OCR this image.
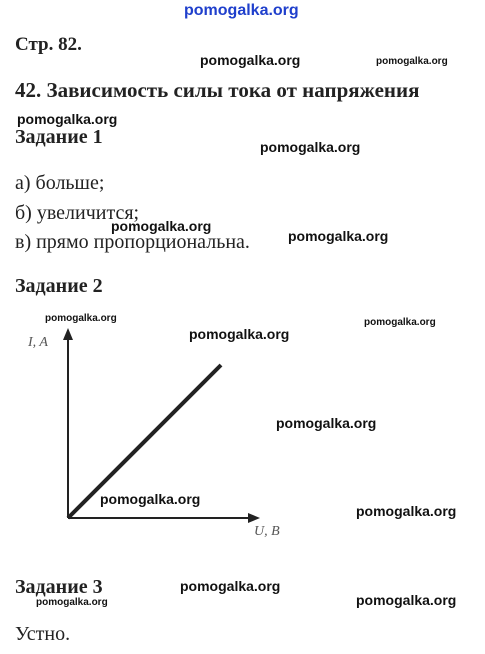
pomogalka.org
Стр. 82.
42. Зависимость силы тока от напряжения
Задание 1
а) больше;
б) увеличится;
в) прямо пропорциональна.
Задание 2
I, A
U, B
Задание 3
Устно.
pomogalka.org	pomogalka.org
pomogalka.org
pomogalka.org
pomogalka.org
pomogalka.org
pomogalka.org	pomogalka.org
pomogalka.org
pomogalka.org
pomogalka.org
pomogalka.org
pomogalka.org
pomogalka.org
pomogalka.org
